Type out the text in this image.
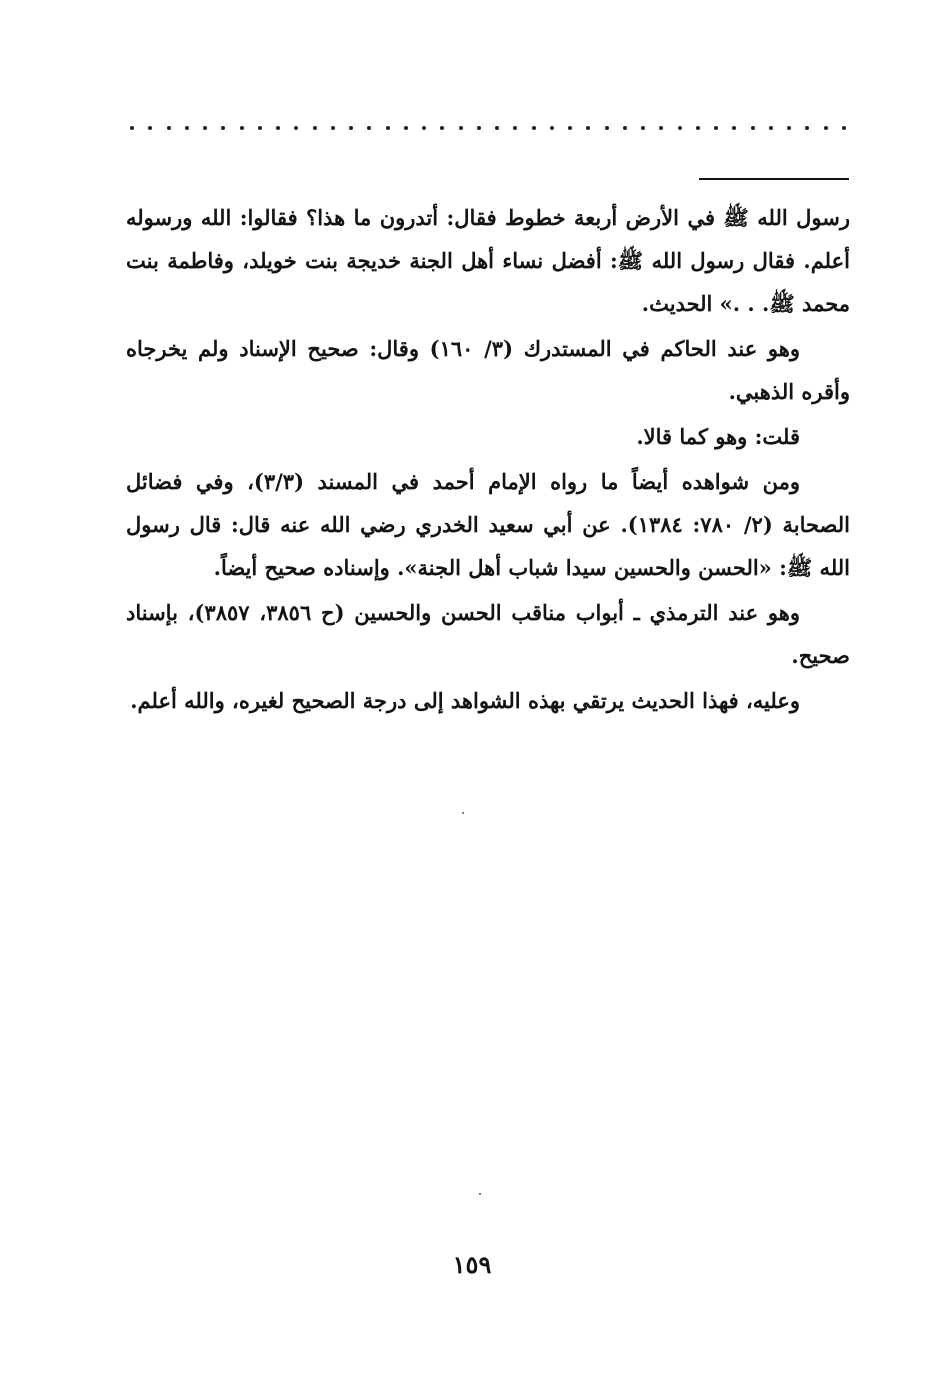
رسول الله ﷺ في الأرض أربعة خطوط فقال: أتدرون ما هذا؟ فقالوا: الله ورسوله أعلم. فقال رسول الله ﷺ: أفضل نساء أهل الجنة خديجة بنت خويلد، وفاطمة بنت محمد ﷺ. . .» الحديث.

وهو عند الحاكم في المستدرك (٣/ ١٦٠) وقال: صحيح الإسناد ولم يخرجاه وأقره الذهبي.

قلت: وهو كما قالا.

ومن شواهده أيضاً ما رواه الإمام أحمد في المسند (٣/٣)، وفي فضائل الصحابة (٢/ ٧٨٠: ١٣٨٤). عن أبي سعيد الخدري رضي الله عنه قال: قال رسول الله ﷺ: «الحسن والحسين سيدا شباب أهل الجنة». وإسناده صحيح أيضاً.

وهو عند الترمذي ـ أبواب مناقب الحسن والحسين (ح ٣٨٥٦، ٣٨٥٧)، بإسناد صحيح.

وعليه، فهذا الحديث يرتقي بهذه الشواهد إلى درجة الصحيح لغيره، والله أعلم.

١٥٩
